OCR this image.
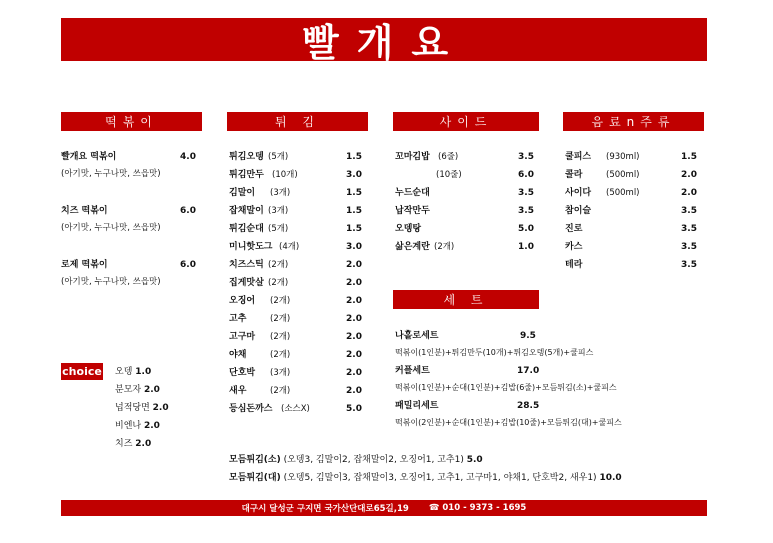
빨개요
떡볶이	튀 김	사이드	음료n주류
세 트
빨개요 떡볶이	4.0
(아기맛, 누구나맛, 쓰읍맛)
치즈 떡볶이	6.0
(아기맛, 누구나맛, 쓰읍맛)
로제 떡볶이	6.0
(아기맛, 누구나맛, 쓰읍맛)
choice 오뎅 1.0
분모자 2.0
넙적당면 2.0
비엔나 2.0
치즈 2.0
튀김오뎅 (5개)	1.5
튀김만두 (10개)	3.0
김말이 (3개)	1.5
잡채말이 (3개)	1.5
튀김순대 (5개)	1.5
미니핫도그 (4개)	3.0
치즈스틱 (2개)	2.0
집게맛살 (2개)	2.0
오징어 (2개)	2.0
고추	(2개)	2.0
고구마 (2개)	2.0
야채	(2개)	2.0
단호박 (3개)	2.0
새우	(2개)	2.0
등심돈까스 (소스X)	5.0
꼬마김밥 (6줄)	3.5
(10줄)	6.0
누드순대	3.5
납작만두	3.5
오뎅탕	5.0
삶은계란 (2개)	1.0
쿨피스 (930ml)	1.5
콜라	(500ml)	2.0
사이다 (500ml)	2.0
참이슬	3.5
진로	3.5
카스	3.5
테라	3.5
나홀로세트	9.5
떡볶이(1인분)+튀김만두(10개)+튀김오뎅(5개)+쿨피스
커플세트	17.0
떡볶이(1인분)+순대(1인분)+김밥(6줄)+모듬튀김(소)+쿨피스
패밀리세트	28.5
떡볶이(2인분)+순대(1인분)+김밥(10줄)+모듬튀김(대)+쿨피스
모듬튀김(소) (오뎅3, 김말이2, 잡채말이2, 오징어1, 고추1) 5.0
모듬튀김(대) (오뎅5, 김말이3, 잡채말이3, 오징어1, 고추1, 고구마1, 야채1, 단호박2, 새우1) 10.0
대구시 달성군 구지면 국가산단대로65길,19 ☎ 010 - 9373 - 1695
